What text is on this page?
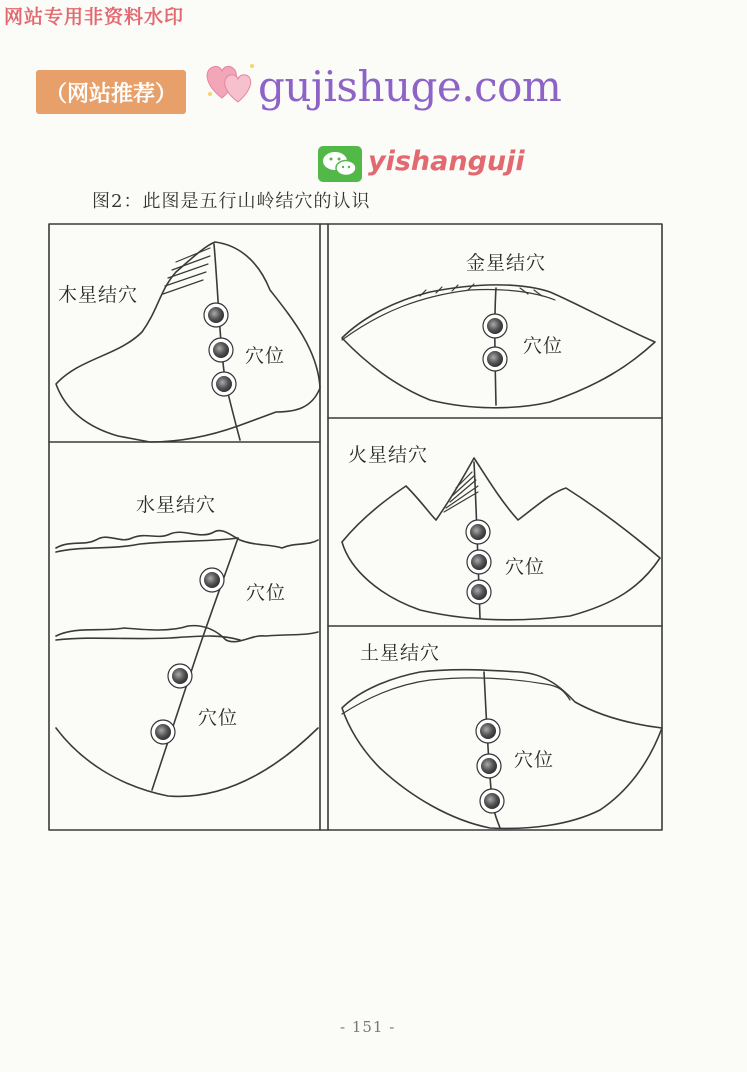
网站专用非资料水印
（网站推荐） gujishuge.com
yishanguji
图2：此图是五行山岭结穴的认识
木星结穴
穴位
金星结穴
穴位
水星结穴
穴位
穴位
火星结穴
穴位
土星结穴
穴位
- 151 -
